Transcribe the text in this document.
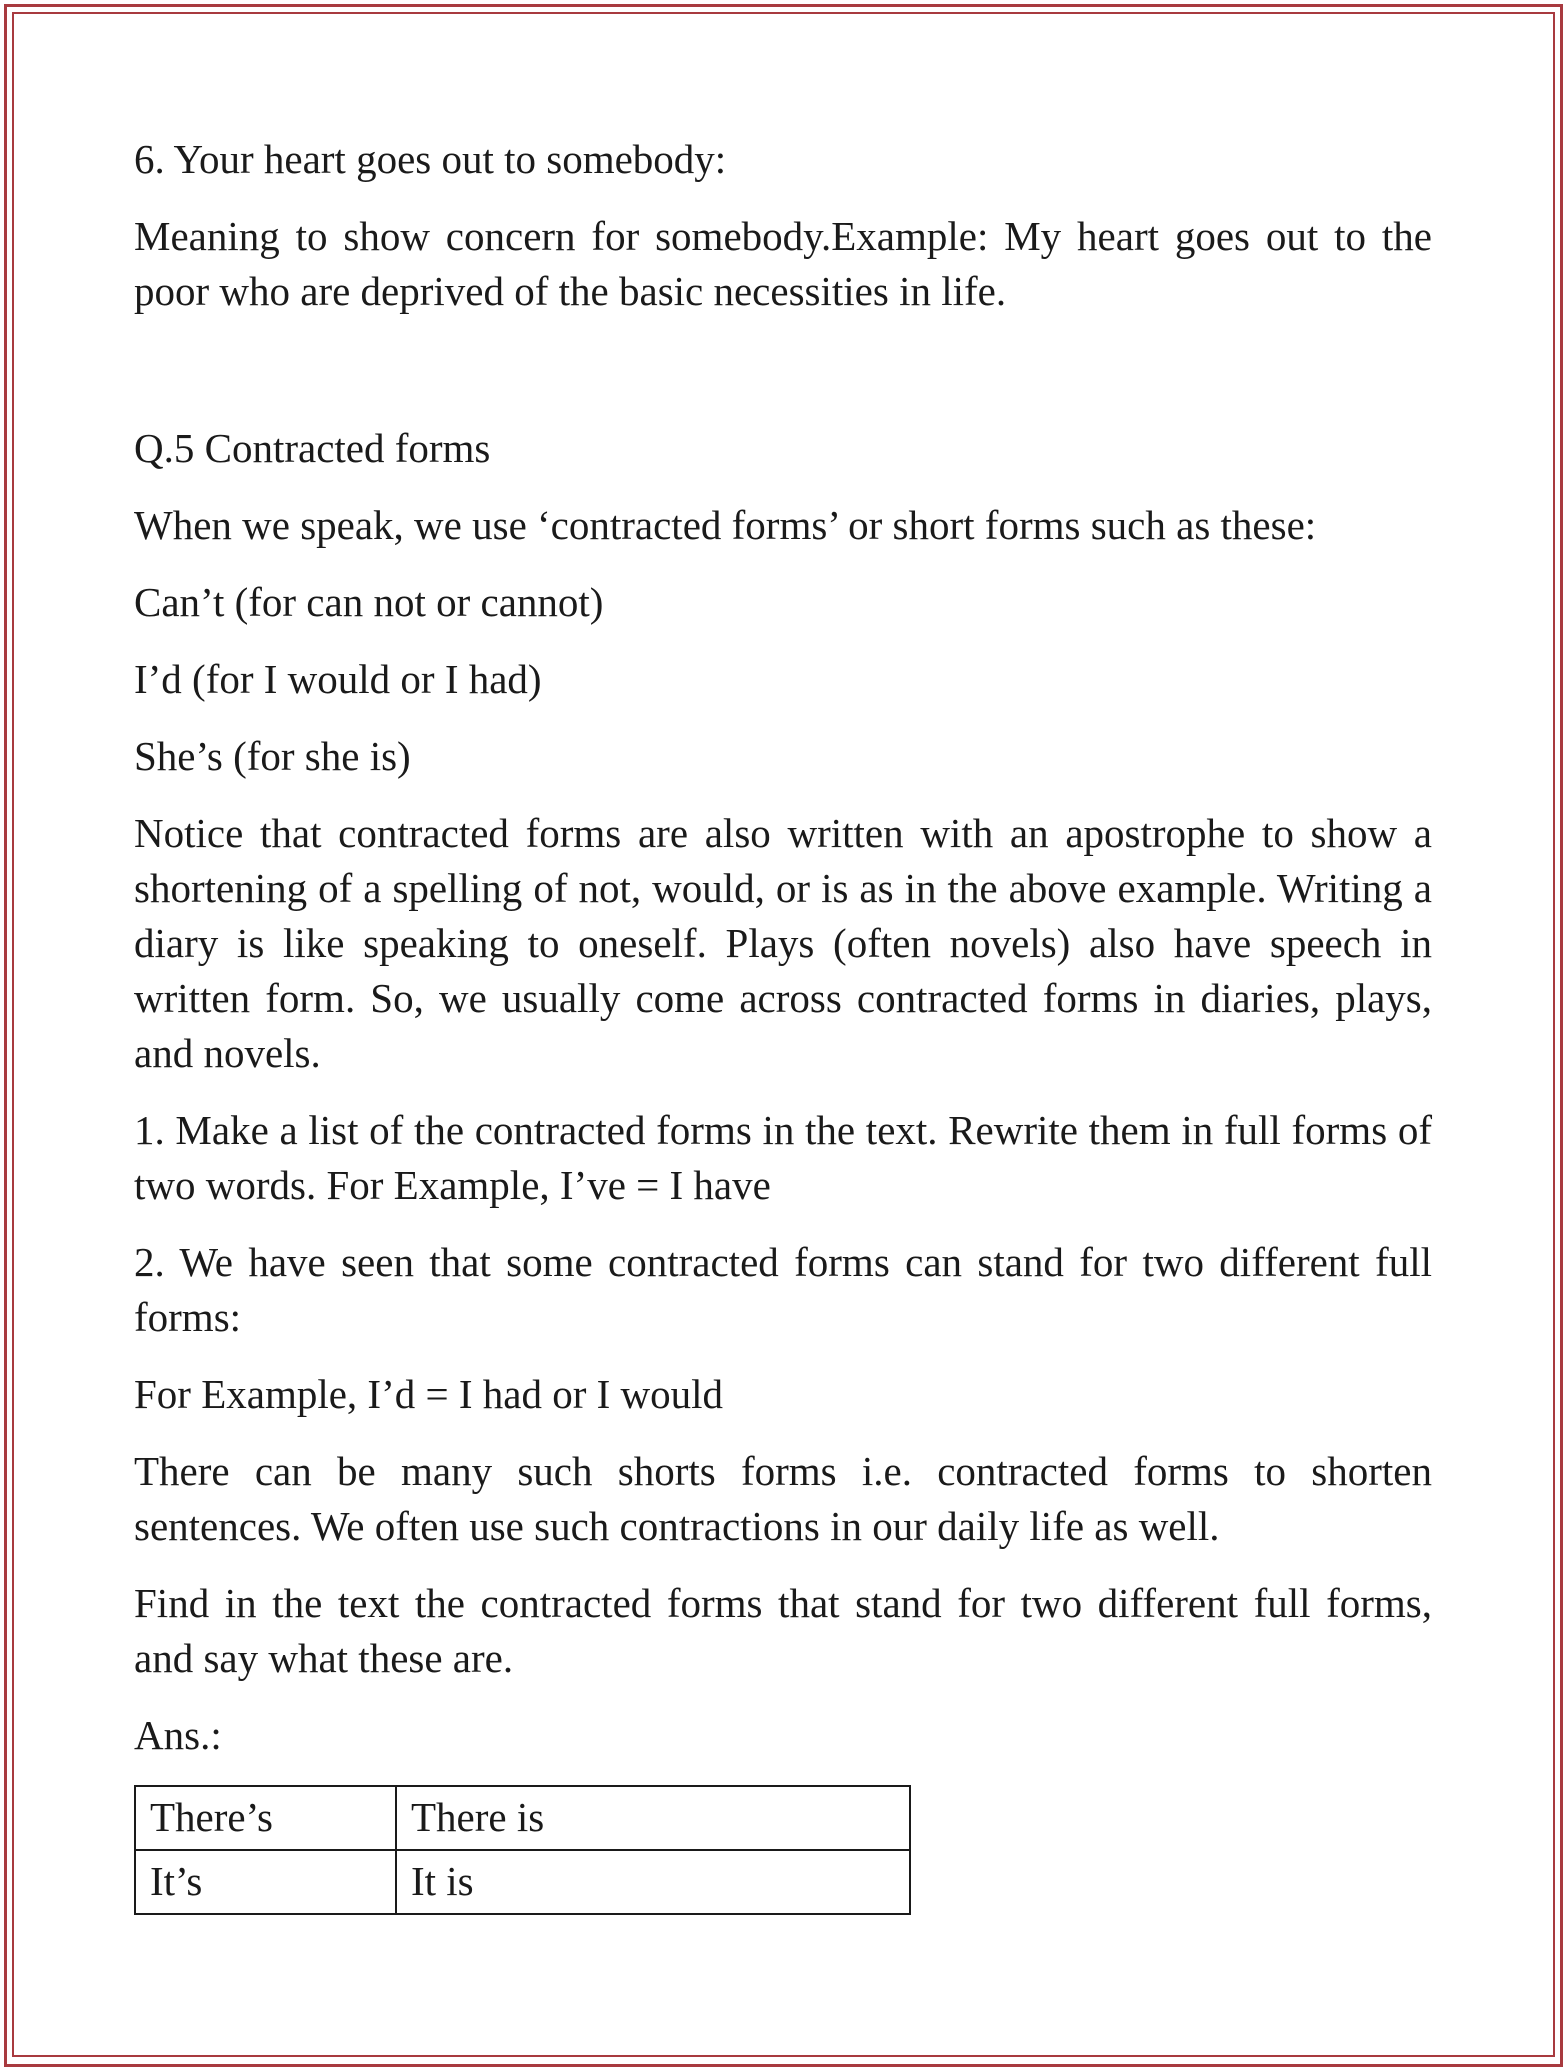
6. Your heart goes out to somebody:

Meaning to show concern for somebody.Example: My heart goes out to the poor who are deprived of the basic necessities in life.

Q.5 Contracted forms

When we speak, we use ‘contracted forms’ or short forms such as these:

Can’t (for can not or cannot)

I’d (for I would or I had)

She’s (for she is)

Notice that contracted forms are also written with an apostrophe to show a shortening of a spelling of not, would, or is as in the above example. Writing a diary is like speaking to oneself. Plays (often novels) also have speech in written form. So, we usually come across contracted forms in diaries, plays, and novels.

1. Make a list of the contracted forms in the text. Rewrite them in full forms of two words. For Example, I’ve = I have

2. We have seen that some contracted forms can stand for two different full forms:

For Example, I’d = I had or I would

There can be many such shorts forms i.e. contracted forms to shorten sentences. We often use such contractions in our daily life as well.

Find in the text the contracted forms that stand for two different full forms, and say what these are.

Ans.:

There’s	There is
It’s	It is
